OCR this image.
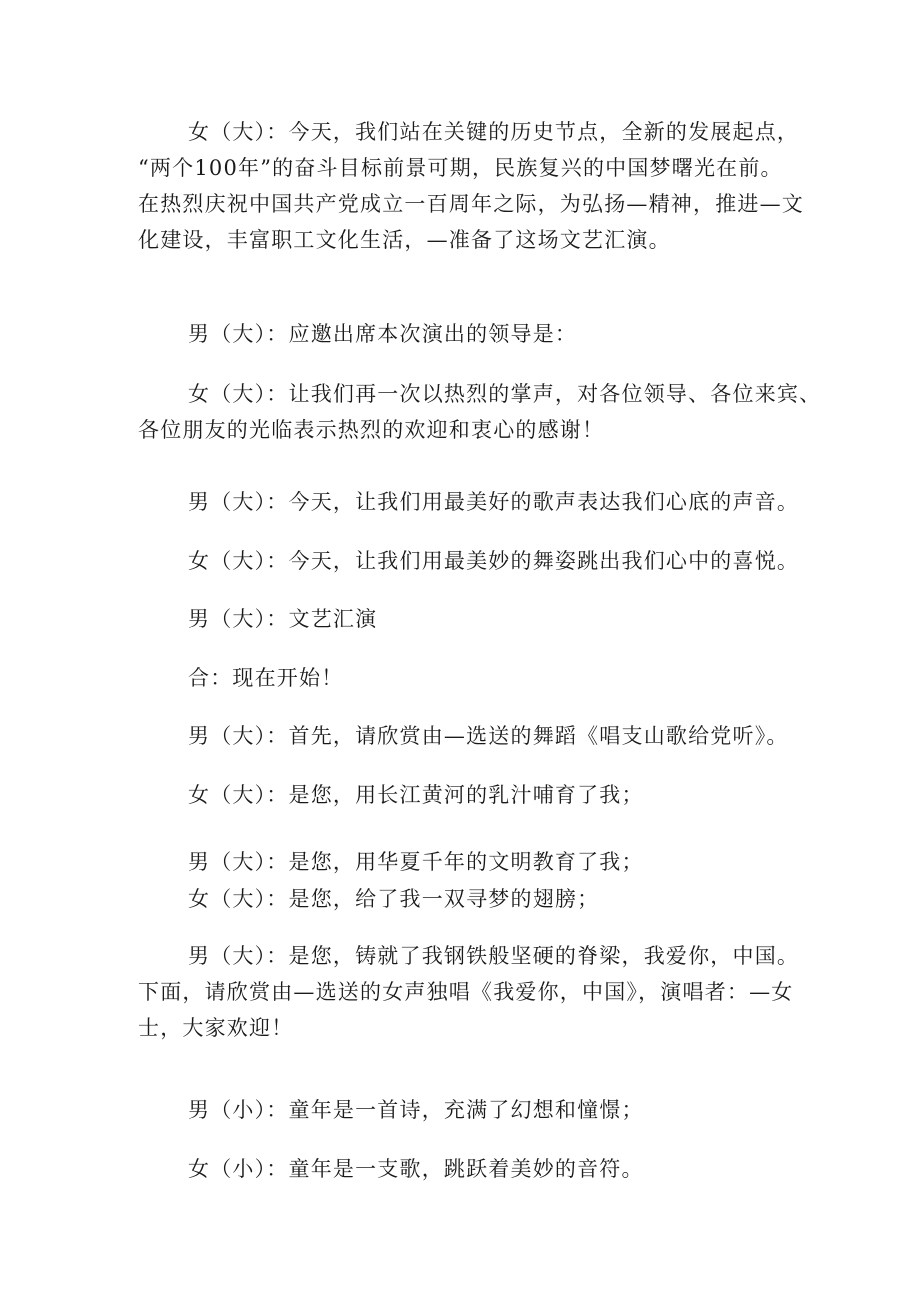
女（大）：今天，我们站在关键的历史节点，全新的发展起点，
“两个100年”的奋斗目标前景可期，民族复兴的中国梦曙光在前。
在热烈庆祝中国共产党成立一百周年之际，为弘扬—精神，推进—文
化建设，丰富职工文化生活，—准备了这场文艺汇演。
男（大）：应邀出席本次演出的领导是：
女（大）：让我们再一次以热烈的掌声，对各位领导、各位来宾、
各位朋友的光临表示热烈的欢迎和衷心的感谢！
男（大）：今天，让我们用最美好的歌声表达我们心底的声音。
女（大）：今天，让我们用最美妙的舞姿跳出我们心中的喜悦。
男（大）：文艺汇演
合：现在开始！
男（大）：首先，请欣赏由—选送的舞蹈《唱支山歌给党听》。
女（大）：是您，用长江黄河的乳汁哺育了我；
男（大）：是您，用华夏千年的文明教育了我；
女（大）：是您，给了我一双寻梦的翅膀；
男（大）：是您，铸就了我钢铁般坚硬的脊梁，我爱你，中国。
下面，请欣赏由—选送的女声独唱《我爱你，中国》，演唱者：—女
士，大家欢迎！
男（小）：童年是一首诗，充满了幻想和憧憬；
女（小）：童年是一支歌，跳跃着美妙的音符。
